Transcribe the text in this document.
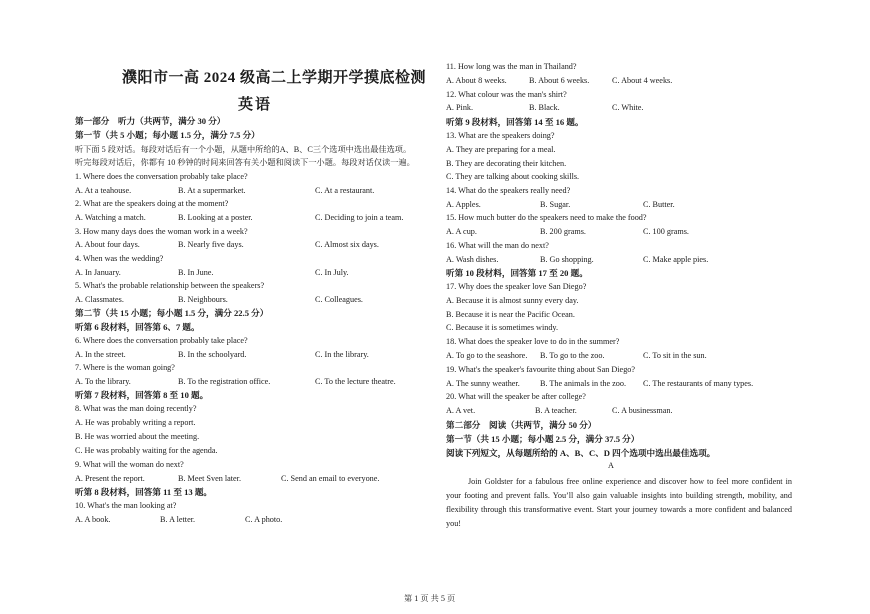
濮阳市一高 2024 级高二上学期开学摸底检测
英语
第一部分　听力（共两节，满分 30 分）
第一节（共 5 小题；每小题 1.5 分，满分 7.5 分）
听下面 5 段对话。每段对话后有一个小题，从题中所给的A、B、C三个选项中选出最佳选项。
听完每段对话后，你都有 10 秒钟的时间来回答有关小题和阅读下一小题。每段对话仅读一遍。
1. Where does the conversation probably take place?
A. At a teahouse.	B. At a supermarket.	C. At a restaurant.
2. What are the speakers doing at the moment?
A. Watching a match.	B. Looking at a poster.	C. Deciding to join a team.
3. How many days does the woman work in a week?
A. About four days.	B. Nearly five days.	C. Almost six days.
4. When was the wedding?
A. In January.	B. In June.	C. In July.
5. What's the probable relationship between the speakers?
A. Classmates.	B. Neighbours.	C. Colleagues.
第二节（共 15 小题；每小题 1.5 分，满分 22.5 分）
听第 6 段材料，回答第 6、7 题。
6. Where does the conversation probably take place?
A. In the street.	B. In the schoolyard.	C. In the library.
7. Where is the woman going?
A. To the library.	B. To the registration office.	C. To the lecture theatre.
听第 7 段材料，回答第 8 至 10 题。
8. What was the man doing recently?
A. He was probably writing a report.
B. He was worried about the meeting.
C. He was probably waiting for the agenda.
9. What will the woman do next?
A. Present the report.	B. Meet Sven later.	C. Send an email to everyone.
听第 8 段材料，回答第 11 至 13 题。
10. What's the man looking at?
A. A book.	B. A letter.	C. A photo.
11. How long was the man in Thailand?
A. About 8 weeks.	B. About 6 weeks.	C. About 4 weeks.
12. What colour was the man's shirt?
A. Pink.	B. Black.	C. White.
听第 9 段材料，回答第 14 至 16 题。
13. What are the speakers doing?
A. They are preparing for a meal.
B. They are decorating their kitchen.
C. They are talking about cooking skills.
14. What do the speakers really need?
A. Apples.	B. Sugar.	C. Butter.
15. How much butter do the speakers need to make the food?
A. A cup.	B. 200 grams.	C. 100 grams.
16. What will the man do next?
A. Wash dishes.	B. Go shopping.	C. Make apple pies.
听第 10 段材料，回答第 17 至 20 题。
17. Why does the speaker love San Diego?
A. Because it is almost sunny every day.
B. Because it is near the Pacific Ocean.
C. Because it is sometimes windy.
18. What does the speaker love to do in the summer?
A. To go to the seashore. B. To go to the zoo.	C. To sit in the sun.
19. What's the speaker's favourite thing about San Diego?
A. The sunny weather. B. The animals in the zoo. C. The restaurants of many types.
20. What will the speaker be after college?
A. A vet.	B. A teacher.	C. A businessman.
第二部分　阅读（共两节，满分 50 分）
第一节（共 15 小题；每小题 2.5 分，满分 37.5 分）
阅读下列短文，从每题所给的 A、B、C、D 四个选项中选出最佳选项。
A
Join Goldster for a fabulous free online experience and discover how to feel more confident in your footing and prevent falls. You’ll also gain valuable insights into building strength, mobility, and flexibility through this transformative event. Start your journey towards a more confident and balanced you!
第 1 页 共 5 页
